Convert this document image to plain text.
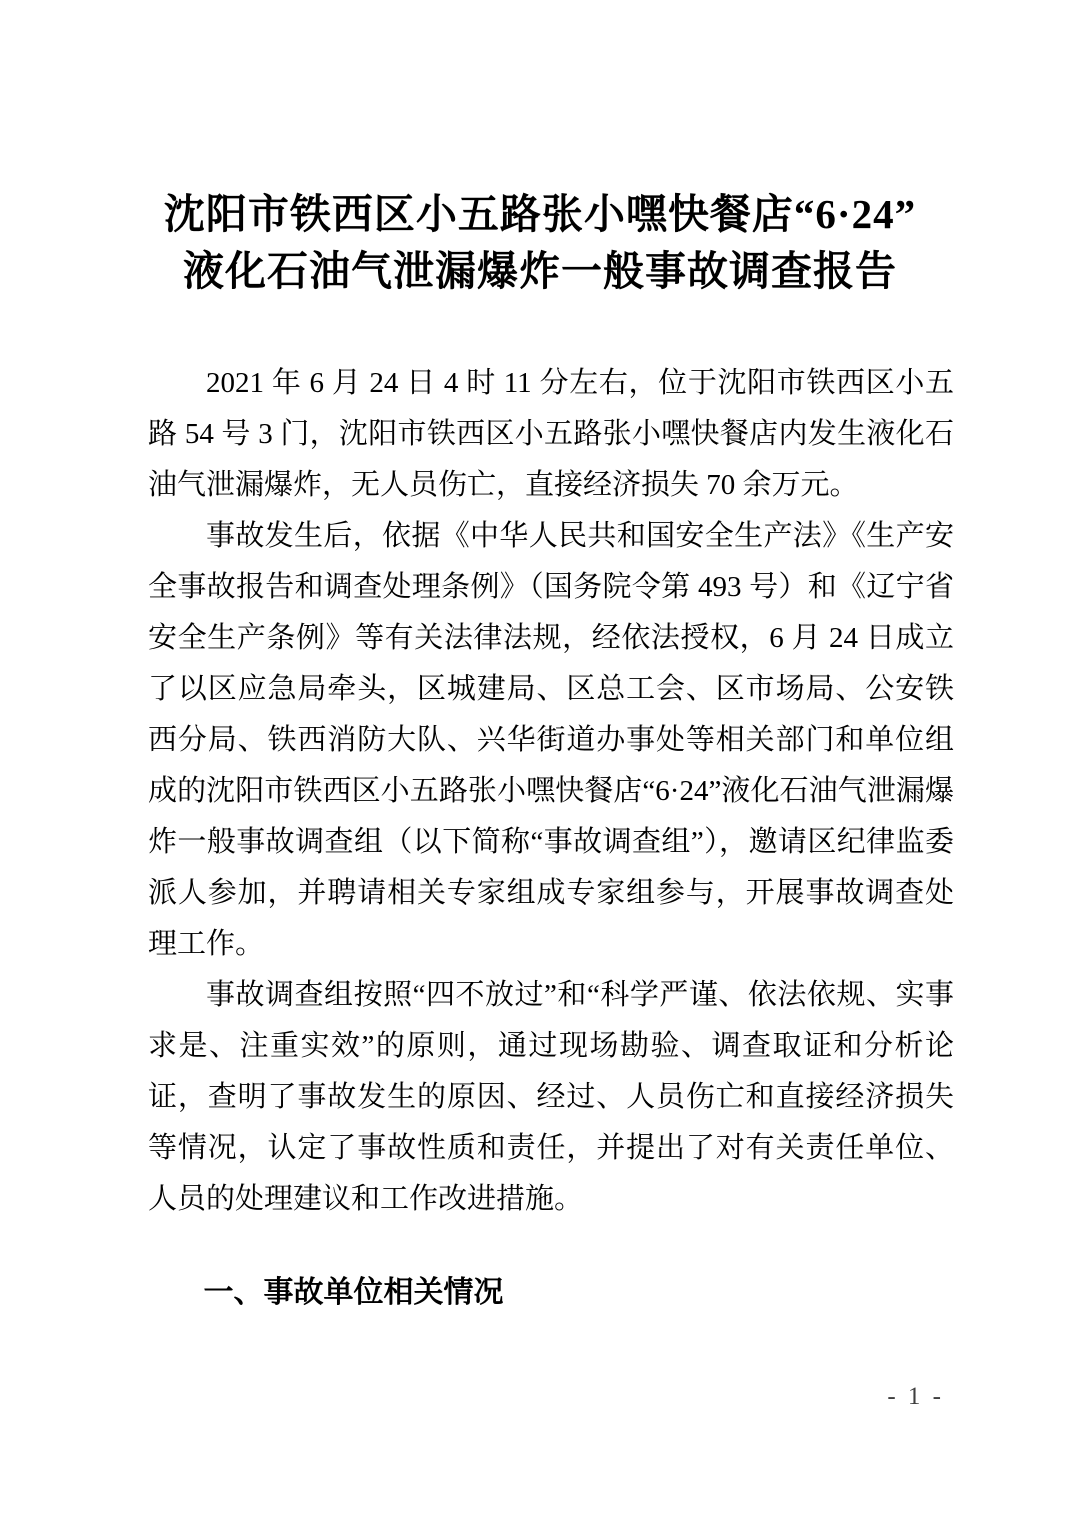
沈阳市铁西区小五路张小嘿快餐店“6·24”
液化石油气泄漏爆炸一般事故调查报告

2021 年 6 月 24 日 4 时 11 分左右，位于沈阳市铁西区小五路 54 号 3 门，沈阳市铁西区小五路张小嘿快餐店内发生液化石油气泄漏爆炸，无人员伤亡，直接经济损失 70 余万元。

事故发生后，依据《中华人民共和国安全生产法》《生产安全事故报告和调查处理条例》（国务院令第 493 号）和《辽宁省安全生产条例》等有关法律法规，经依法授权，6 月 24 日成立了以区应急局牵头，区城建局、区总工会、区市场局、公安铁西分局、铁西消防大队、兴华街道办事处等相关部门和单位组成的沈阳市铁西区小五路张小嘿快餐店“6·24”液化石油气泄漏爆炸一般事故调查组（以下简称“事故调查组”），邀请区纪律监委派人参加，并聘请相关专家组成专家组参与，开展事故调查处理工作。

事故调查组按照“四不放过”和“科学严谨、依法依规、实事求是、注重实效”的原则，通过现场勘验、调查取证和分析论证，查明了事故发生的原因、经过、人员伤亡和直接经济损失等情况，认定了事故性质和责任，并提出了对有关责任单位、人员的处理建议和工作改进措施。

一、事故单位相关情况
- 1 -
